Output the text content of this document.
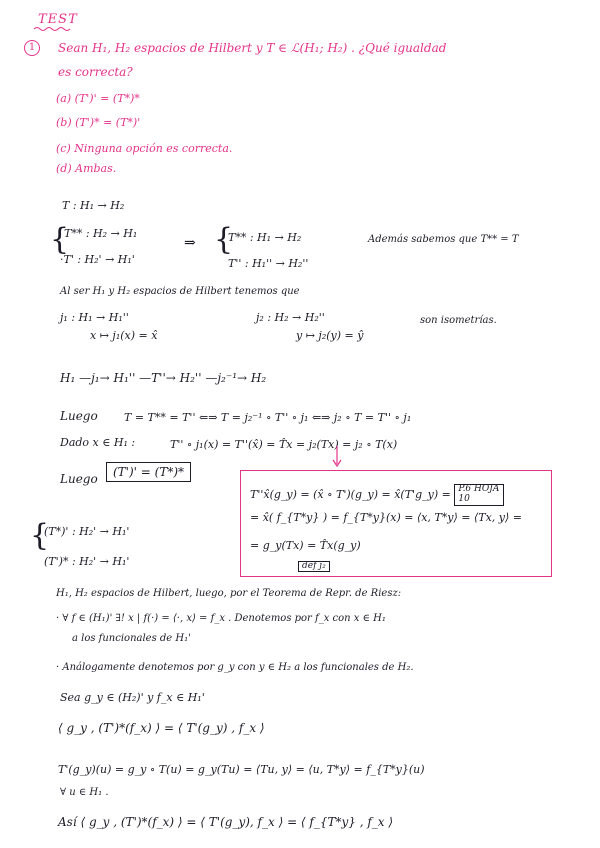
TEST
1	Sean H₁, H₂ espacios de Hilbert y T ∈ ℒ(H₁; H₂) . ¿Qué igualdad
es correcta?
(a) (T')' = (T*)*
(b) (T')* = (T*)'
(c) Ninguna opción es correcta.
(d) Ambas.
T : H₁ → H₂
{
T** : H₂ → H₁
·T' : H₂' → H₁'
⇒ {
T** : H₁ → H₂
T'' : H₁'' → H₂''
Además sabemos que T** = T
Al ser H₁ y H₂ espacios de Hilbert tenemos que
j₁ : H₁ → H₁''
x ↦ j₁(x) = x̂
j₂ : H₂ → H₂''
y ↦ j₂(y) = ŷ
son isometrías.
H₁ —j₁→ H₁'' —T''→ H₂'' —j₂⁻¹→ H₂
Luego T = T** = T'' ⇐⇒ T = j₂⁻¹ ∘ T'' ∘ j₁ ⇐⇒ j₂ ∘ T = T'' ∘ j₁
Dado x ∈ H₁ :	T'' ∘ j₁(x) = T''(x̂) = T̂x = j₂(Tx) = j₂ ∘ T(x)
Luego	(T')' = (T*)*
T''x̂(g_y) = (x̂ ∘ T')(g_y) = x̂(T'g_y) = P.6 HOJA 10
= x̂( f_{T*y} ) = f_{T*y}(x) = ⟨x, T*y⟩ = ⟨Tx, y⟩ =
= g_y(Tx) = T̂x(g_y)
def j₂
{
(T*)' : H₂' → H₁'
(T')* : H₂' → H₁'
H₁, H₂ espacios de Hilbert, luego, por el Teorema de Repr. de Riesz:
· ∀ f ∈ (H₁)' ∃! x | f(·) = ⟨·, x⟩ = f_x . Denotemos por f_x con x ∈ H₁
a los funcionales de H₁'
· Análogamente denotemos por g_y con y ∈ H₂ a los funcionales de H₂.
Sea g_y ∈ (H₂)' y f_x ∈ H₁'
⟨ g_y , (T')*(f_x) ⟩ = ⟨ T'(g_y) , f_x ⟩
T'(g_y)(u) = g_y ∘ T(u) = g_y(Tu) = ⟨Tu, y⟩ = ⟨u, T*y⟩ = f_{T*y}(u)
∀ u ∈ H₁ .
Así ⟨ g_y , (T')*(f_x) ⟩ = ⟨ T'(g_y), f_x ⟩ = ⟨ f_{T*y} , f_x ⟩
